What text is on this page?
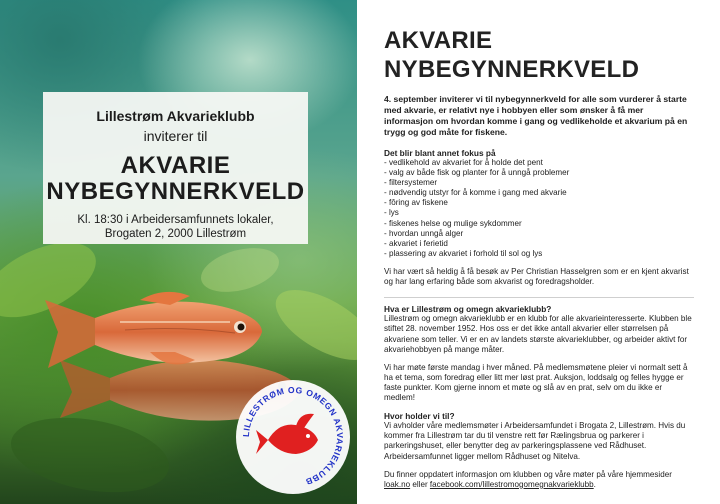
Lillestrøm Akvarieklubb
inviterer til
AKVARIE
NYBEGYNNERKVELD
Kl. 18:30 i Arbeidersamfunnets lokaler,
Brogaten 2, 2000 Lillestrøm
LILLESTRØM OG OMEGN AKVARIEKLUBB
AKVARIE
NYBEGYNNERKVELD

4. september inviterer vi til nybegynnerkveld for alle som vurderer å starte med akvarie, er relativt nye i hobbyen eller som ønsker å få mer informasjon om hvordan komme i gang og vedlikeholde et akvarium på en trygg og god måte for fiskene.

Det blir blant annet fokus på
- vedlikehold av akvariet for å holde det pent
- valg av både fisk og planter for å unngå problemer
- filtersystemer
- nødvendig utstyr for å komme i gang med akvarie
- fôring av fiskene
- lys
- fiskenes helse og mulige sykdommer
- hvordan unngå alger
- akvariet i ferietid
- plassering av akvariet i forhold til sol og lys

Vi har vært så heldig å få besøk av Per Christian Hasselgren som er en kjent akvarist og har lang erfaring både som akvarist og foredragsholder.

Hva er Lillestrøm og omegn akvarieklubb?

Lillestrøm og omegn akvarieklubb er en klubb for alle akvarieinteresserte. Klubben ble stiftet 28. november 1952. Hos oss er det ikke antall akvarier eller størrelsen på akvariene som teller. Vi er en av landets største akvarieklubber, og arbeider aktivt for akvariehobbyen på mange måter.

Vi har møte første mandag i hver måned. På medlemsmøtene pleier vi normalt sett å ha et tema, som foredrag eller litt mer løst prat. Auksjon, loddsalg og felles hygge er faste punkter. Kom gjerne innom et møte og slå av en prat, selv om du ikke er medlem!

Hvor holder vi til?

Vi avholder våre medlemsmøter i Arbeidersamfundet i Brogata 2, Lillestrøm. Hvis du kommer fra Lillestrøm tar du til venstre rett før Rælingsbrua og parkerer i parkeringshuset, eller benytter deg av parkeringsplassene ved Rådhuset. Arbeidersamfunnet ligger mellom Rådhuset og Nitelva.

Du finner oppdatert informasjon om klubben og våre møter på våre hjemmesider loak.no eller facebook.com/lillestromogomegnakvarieklubb.
